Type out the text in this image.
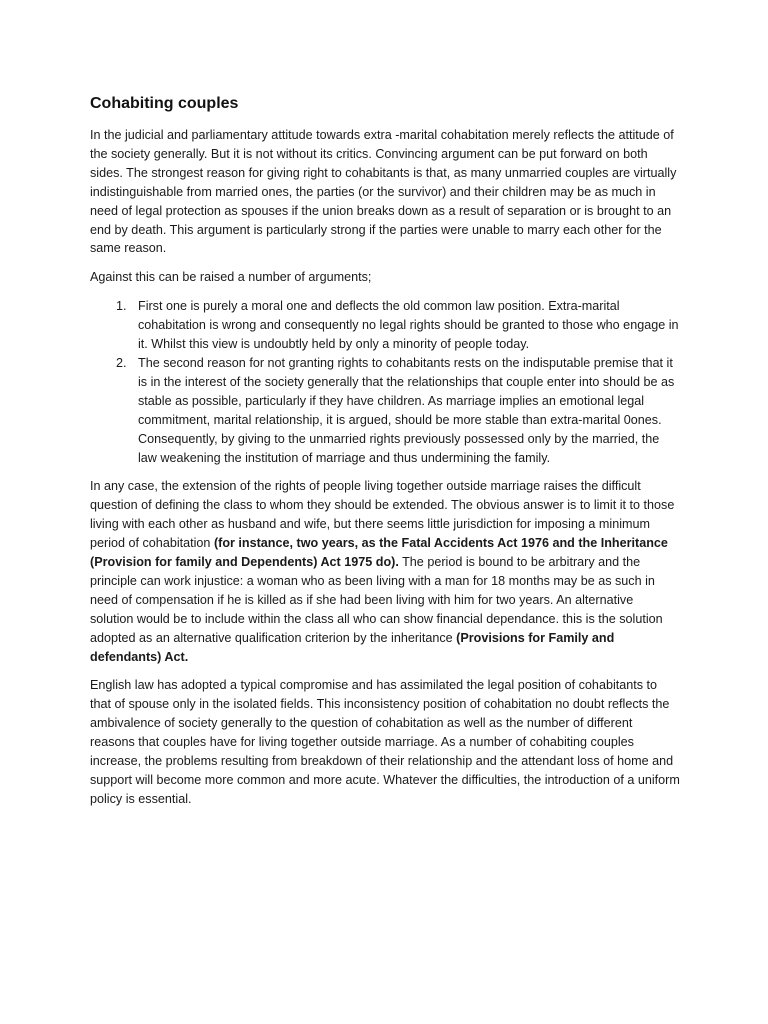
Cohabiting couples

In the judicial and parliamentary attitude towards extra -marital cohabitation merely reflects the attitude of the society generally. But it is not without its critics. Convincing argument can be put forward on both sides. The strongest reason for giving right to cohabitants is that, as many unmarried couples are virtually indistinguishable from married ones, the parties (or the survivor) and their children may be as much in need of legal protection as spouses if the union breaks down as a result of separation or is brought to an end by death. This argument is particularly strong if the parties were unable to marry each other for the same reason.

Against this can be raised a number of arguments;

1. First one is purely a moral one and deflects the old common law position. Extra-marital cohabitation is wrong and consequently no legal rights should be granted to those who engage in it. Whilst this view is undoubtly held by only a minority of people today.
2. The second reason for not granting rights to cohabitants rests on the indisputable premise that it is in the interest of the society generally that the relationships that couple enter into should be as stable as possible, particularly if they have children. As marriage implies an emotional legal commitment, marital relationship, it is argued, should be more stable than extra-marital 0ones. Consequently, by giving to the unmarried rights previously possessed only by the married, the law weakening the institution of marriage and thus undermining the family.

In any case, the extension of the rights of people living together outside marriage raises the difficult question of defining the class to whom they should be extended. The obvious answer is to limit it to those living with each other as husband and wife, but there seems little jurisdiction for imposing a minimum period of cohabitation (for instance, two years, as the Fatal Accidents Act 1976 and the Inheritance (Provision for family and Dependents) Act 1975 do). The period is bound to be arbitrary and the principle can work injustice: a woman who as been living with a man for 18 months may be as such in need of compensation if he is killed as if she had been living with him for two years. An alternative solution would be to include within the class all who can show financial dependance. this is the solution adopted as an alternative qualification criterion by the inheritance (Provisions for Family and defendants) Act.

English law has adopted a typical compromise and has assimilated the legal position of cohabitants to that of spouse only in the isolated fields. This inconsistency position of cohabitation no doubt reflects the ambivalence of society generally to the question of cohabitation as well as the number of different reasons that couples have for living together outside marriage. As a number of cohabiting couples increase, the problems resulting from breakdown of their relationship and the attendant loss of home and support will become more common and more acute. Whatever the difficulties, the introduction of a uniform policy is essential.
